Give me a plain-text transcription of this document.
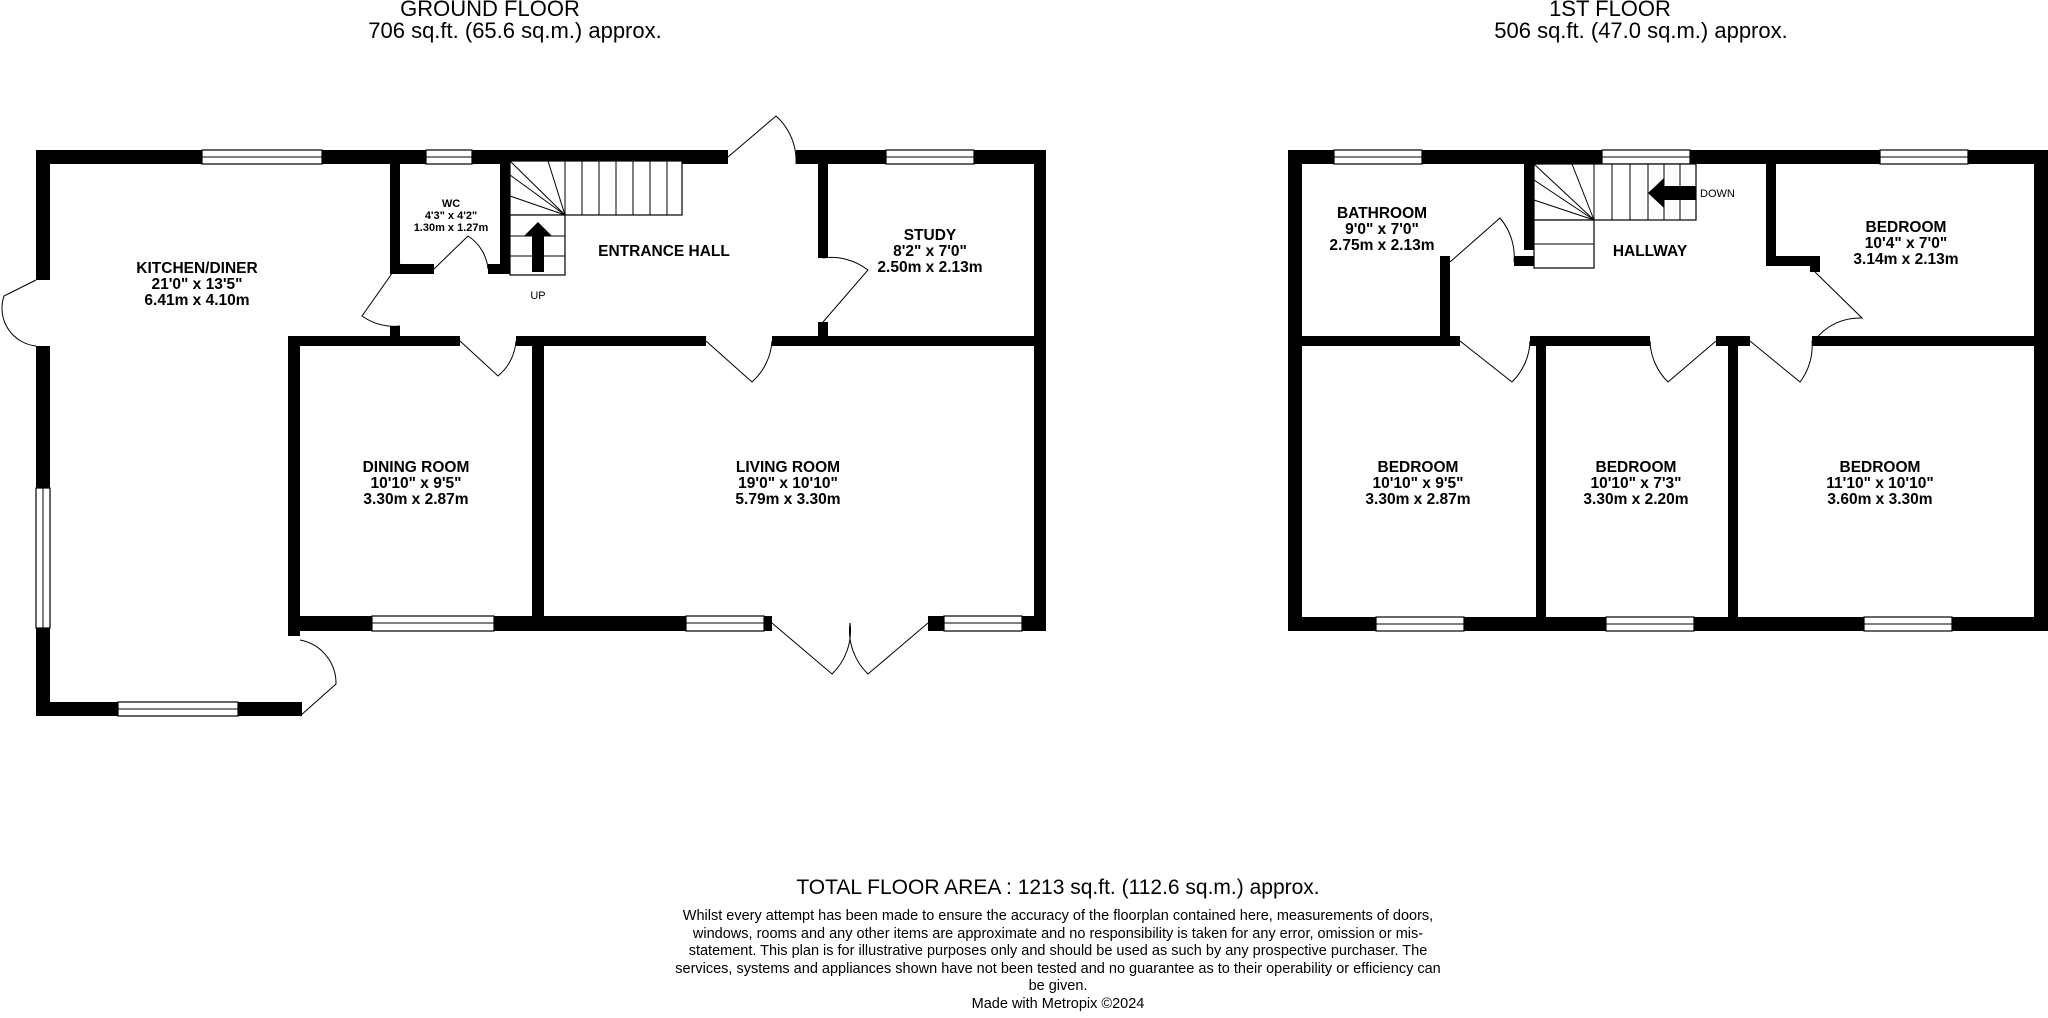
GROUND FLOOR
706 sq.ft. (65.6 sq.m.) approx.
UP
KITCHEN/DINER
21'0" x 13'5"
6.41m x 4.10m
WC
4'3" x 4'2"
1.30m x 1.27m
ENTRANCE HALL
STUDY
8'2" x 7'0"
2.50m x 2.13m
DINING ROOM
10'10" x 9'5"
3.30m x 2.87m
LIVING ROOM
19'0" x 10'10"
5.79m x 3.30m
1ST FLOOR
506 sq.ft. (47.0 sq.m.) approx.
DOWN
BATHROOM
9'0" x 7'0"
2.75m x 2.13m	HALLWAY
BEDROOM
10'4" x 7'0"
3.14m x 2.13m
BEDROOM
10'10" x 9'5"
3.30m x 2.87m
BEDROOM
10'10" x 7'3"
3.30m x 2.20m
BEDROOM
11'10" x 10'10"
3.60m x 3.30m
TOTAL FLOOR AREA : 1213 sq.ft. (112.6 sq.m.) approx.
Whilst every attempt has been made to ensure the accuracy of the floorplan contained here, measurements of doors, windows, rooms and any other items are approximate and no responsibility is taken for any error, omission or mis-statement. This plan is for illustrative purposes only and should be used as such by any prospective purchaser. The services, systems and appliances shown have not been tested and no guarantee as to their operability or efficiency can be given.
Made with Metropix ©2024
